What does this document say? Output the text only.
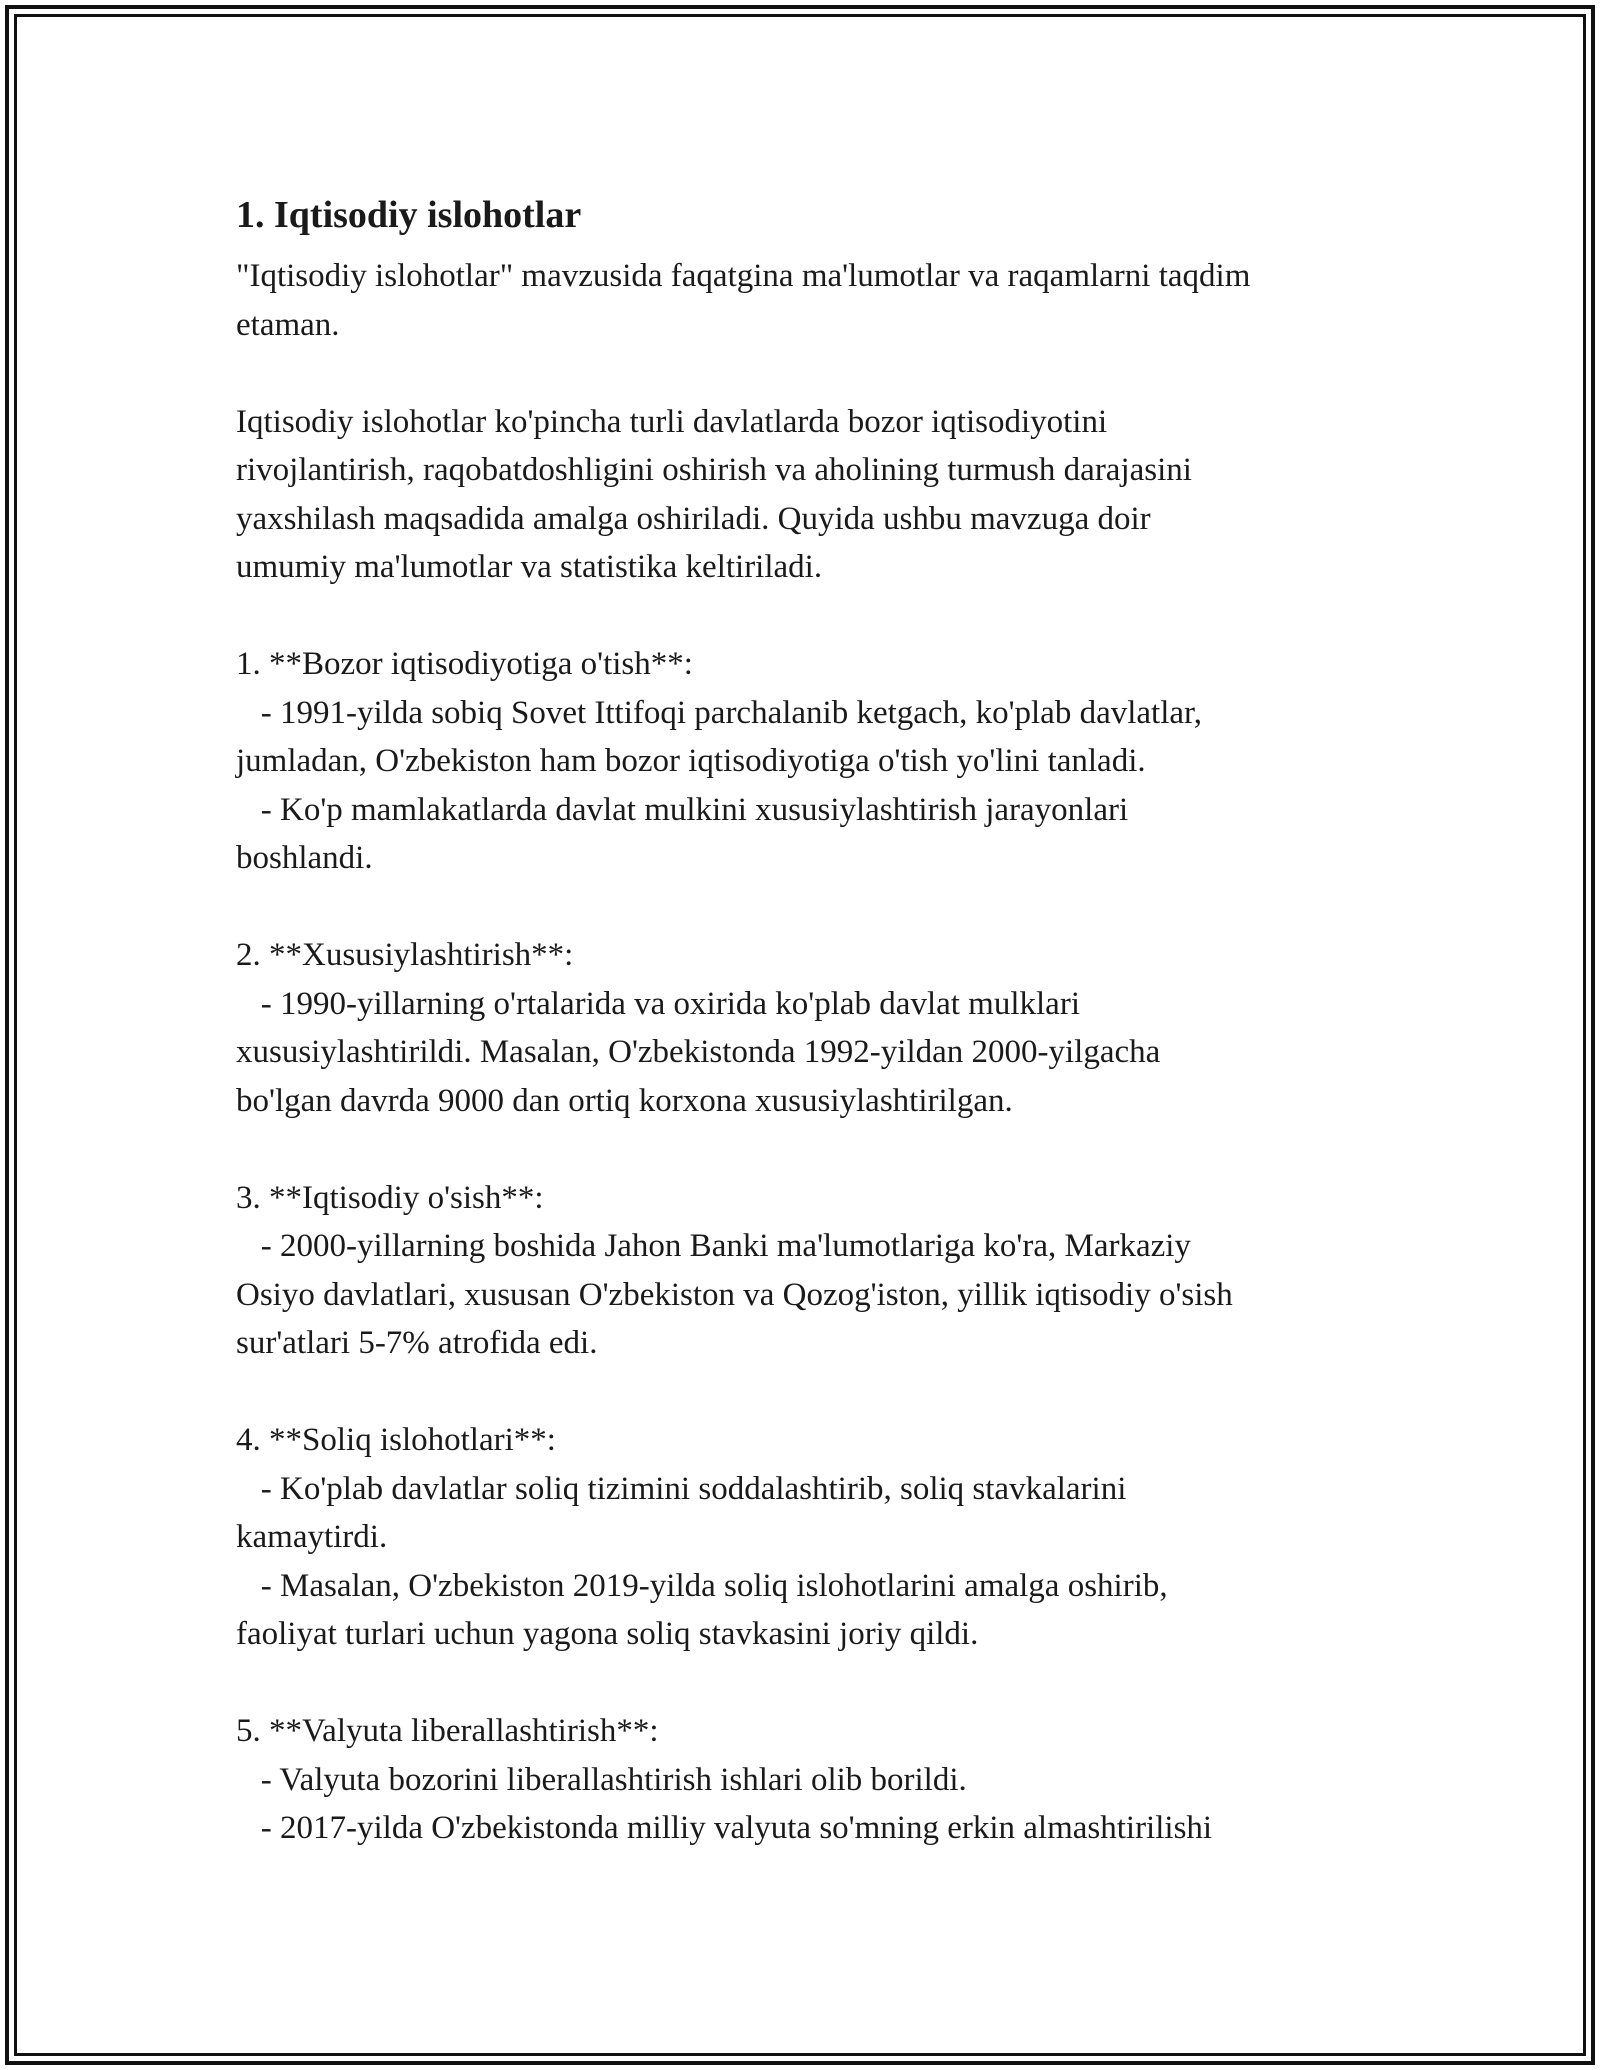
1. Iqtisodiy islohotlar

"Iqtisodiy islohotlar" mavzusida faqatgina ma'lumotlar va raqamlarni taqdim

etaman.

Iqtisodiy islohotlar ko'pincha turli davlatlarda bozor iqtisodiyotini

rivojlantirish, raqobatdoshligini oshirish va aholining turmush darajasini

yaxshilash maqsadida amalga oshiriladi. Quyida ushbu mavzuga doir

umumiy ma'lumotlar va statistika keltiriladi.

1. **Bozor iqtisodiyotiga o'tish**:

- 1991-yilda sobiq Sovet Ittifoqi parchalanib ketgach, ko'plab davlatlar,

jumladan, O'zbekiston ham bozor iqtisodiyotiga o'tish yo'lini tanladi.

- Ko'p mamlakatlarda davlat mulkini xususiylashtirish jarayonlari

boshlandi.

2. **Xususiylashtirish**:

- 1990-yillarning o'rtalarida va oxirida ko'plab davlat mulklari

xususiylashtirildi. Masalan, O'zbekistonda 1992-yildan 2000-yilgacha

bo'lgan davrda 9000 dan ortiq korxona xususiylashtirilgan.

3. **Iqtisodiy o'sish**:

- 2000-yillarning boshida Jahon Banki ma'lumotlariga ko'ra, Markaziy

Osiyo davlatlari, xususan O'zbekiston va Qozog'iston, yillik iqtisodiy o'sish

sur'atlari 5-7% atrofida edi.

4. **Soliq islohotlari**:

- Ko'plab davlatlar soliq tizimini soddalashtirib, soliq stavkalarini

kamaytirdi.

- Masalan, O'zbekiston 2019-yilda soliq islohotlarini amalga oshirib,

faoliyat turlari uchun yagona soliq stavkasini joriy qildi.

5. **Valyuta liberallashtirish**:

- Valyuta bozorini liberallashtirish ishlari olib borildi.

- 2017-yilda O'zbekistonda milliy valyuta so'mning erkin almashtirilishi
